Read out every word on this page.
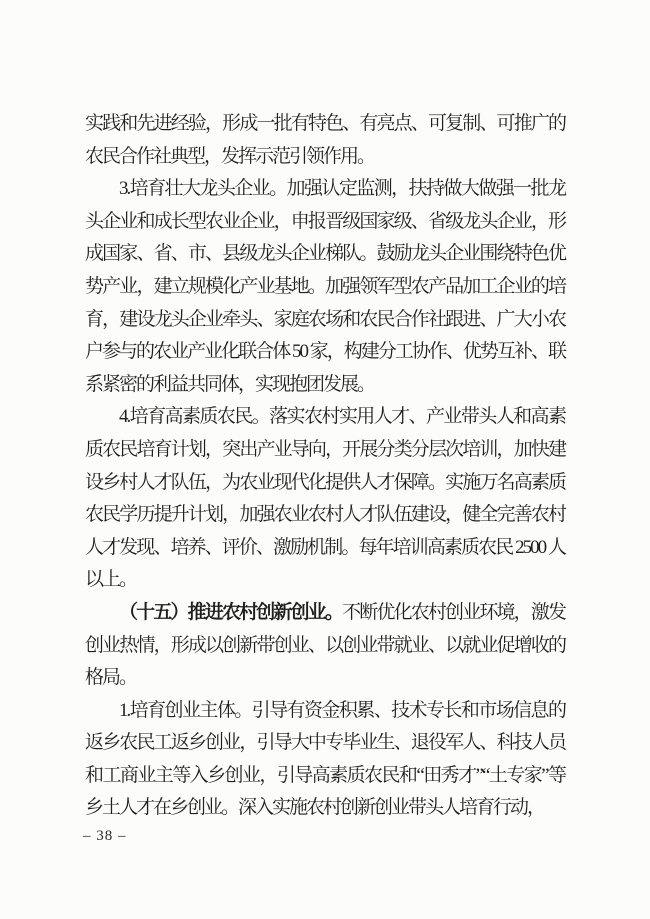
实践和先进经验，形成一批有特色、有亮点、可复制、可推广的农民合作社典型，发挥示范引领作用。

3.培育壮大龙头企业。加强认定监测，扶持做大做强一批龙头企业和成长型农业企业，申报晋级国家级、省级龙头企业，形成国家、省、市、县级龙头企业梯队。鼓励龙头企业围绕特色优势产业，建立规模化产业基地。加强领军型农产品加工企业的培育，建设龙头企业牵头、家庭农场和农民合作社跟进、广大小农户参与的农业产业化联合体 50 家，构建分工协作、优势互补、联系紧密的利益共同体，实现抱团发展。

4.培育高素质农民。落实农村实用人才、产业带头人和高素质农民培育计划，突出产业导向，开展分类分层次培训，加快建设乡村人才队伍，为农业现代化提供人才保障。实施万名高素质农民学历提升计划，加强农业农村人才队伍建设，健全完善农村人才发现、培养、评价、激励机制。每年培训高素质农民 2500 人以上。

（十五）推进农村创新创业。不断优化农村创业环境，激发创业热情，形成以创新带创业、以创业带就业、以就业促增收的格局。

1.培育创业主体。引导有资金积累、技术专长和市场信息的返乡农民工返乡创业，引导大中专毕业生、退役军人、科技人员和工商业主等入乡创业，引导高素质农民和“田秀才”“土专家”等乡土人才在乡创业。深入实施农村创新创业带头人培育行动，

– 38 –
